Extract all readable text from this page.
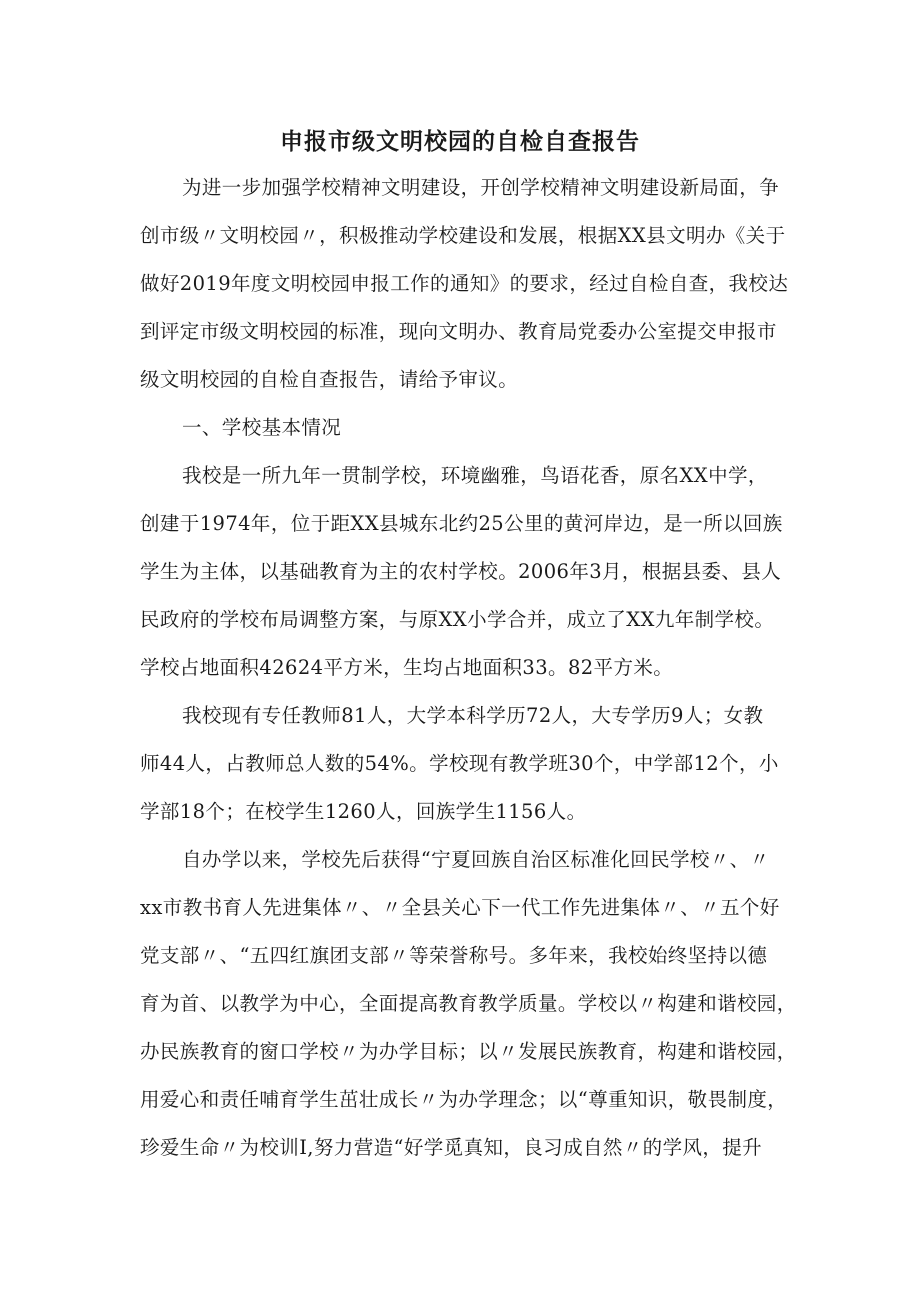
申报市级文明校园的自检自查报告
为进一步加强学校精神文明建设，开创学校精神文明建设新局面，争
创市级〃文明校园〃，积极推动学校建设和发展，根据XX县文明办《关于
做好2019年度文明校园申报工作的通知》的要求，经过自检自查，我校达
到评定市级文明校园的标准，现向文明办、教育局党委办公室提交申报市
级文明校园的自检自查报告，请给予审议。
一、学校基本情况
我校是一所九年一贯制学校，环境幽雅，鸟语花香，原名XX中学，
创建于1974年，位于距XX县城东北约25公里的黄河岸边，是一所以回族
学生为主体，以基础教育为主的农村学校。2006年3月，根据县委、县人
民政府的学校布局调整方案，与原XX小学合并，成立了XX九年制学校。
学校占地面积42624平方米，生均占地面积33。82平方米。
我校现有专任教师81人，大学本科学历72人，大专学历9人；女教
师44人，占教师总人数的54%。学校现有教学班30个，中学部12个，小
学部18个；在校学生1260人，回族学生1156人。
自办学以来，学校先后获得“宁夏回族自治区标准化回民学校〃、〃
xx市教书育人先进集体〃、〃全县关心下一代工作先进集体〃、〃五个好
党支部〃、“五四红旗团支部〃等荣誉称号。多年来，我校始终坚持以德
育为首、以教学为中心，全面提高教育教学质量。学校以〃构建和谐校园，
办民族教育的窗口学校〃为办学目标；以〃发展民族教育，构建和谐校园，
用爱心和责任哺育学生茁壮成长〃为办学理念；以“尊重知识，敬畏制度，
珍爱生命〃为校训I,努力营造“好学觅真知，良习成自然〃的学风，提升
